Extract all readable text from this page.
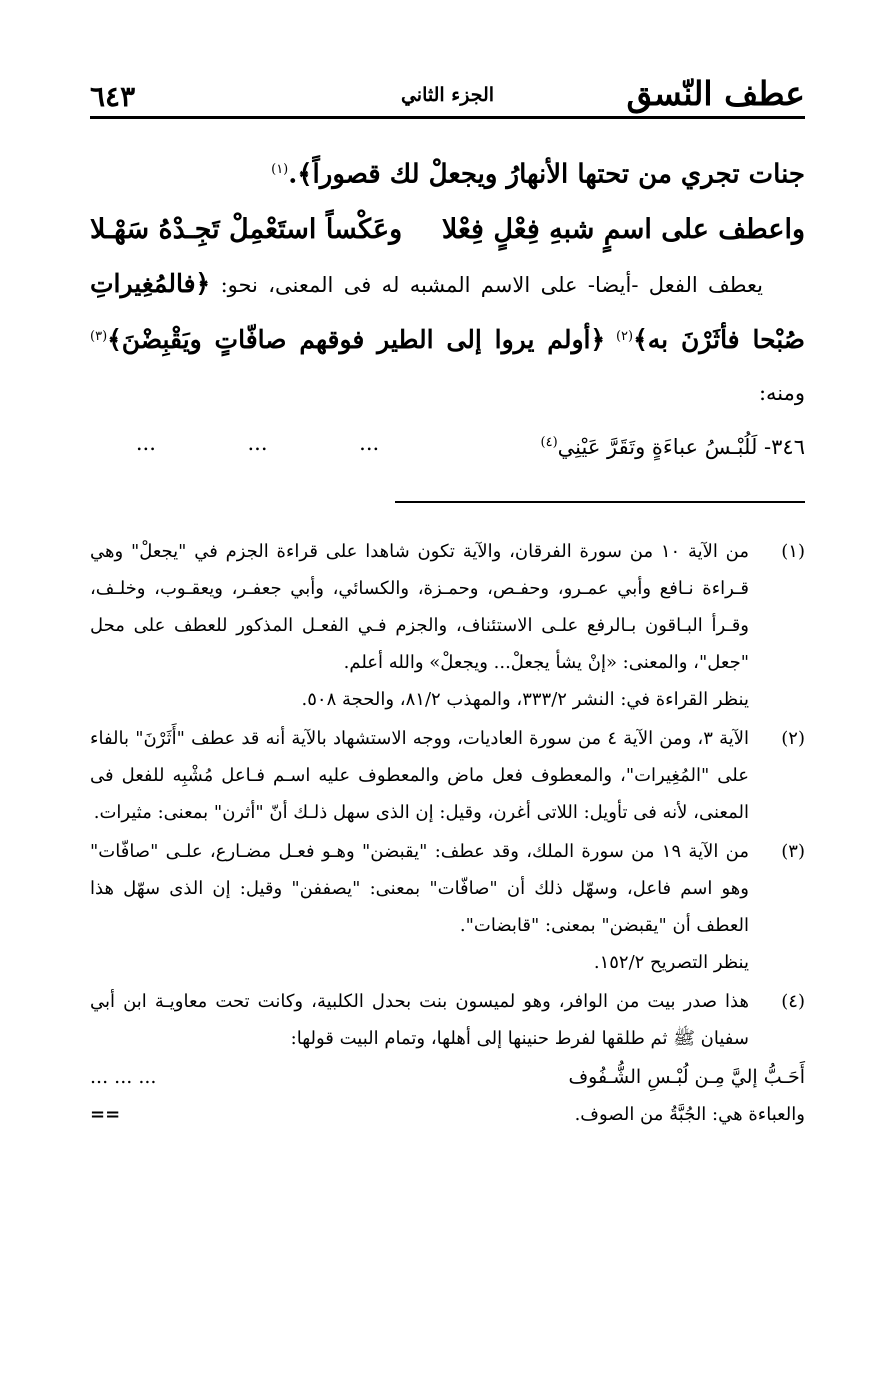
عطف النّسق
الجزء الثاني
٦٤٣
جنات تجري من تحتها الأنهارُ ويجعلْ لك قصوراً﴾.$^{(١)}$
واعطف على اسمٍ شبهِ فِعْلٍ فِعْلا
وعَكْساً استَعْمِلْ تَجِـدْهُ سَهْـلا
  يعطف الفعل -أيضا- على الاسم المشبه له فى المعنى، نحو: ﴿فالمُغِيراتِ صُبْحا فأثَرْنَ به﴾$^{(٢)}$ ﴿أولم يروا إلى الطير فوقهم صافّاتٍ ويَقْبِضْنَ﴾$^{(٣)}$ ومنه:
٣٤٦- لَلُبْـسُ عباءَةٍ وتَقَرَّ عَيْنِي$^{(٤)}$
...
...
...
(١)

من الآية ١٠ من سورة الفرقان، والآية تكون شاهدا على قراءة الجزم في "يجعلْ" وهي قـراءة نـافع وأبي عمـرو، وحفـص، وحمـزة، والكسائي، وأبي جعفـر، ويعقـوب، وخلـف، وقـرأ البـاقون بـالرفع علـى الاستئناف، والجزم فـي الفعـل المذكور للعطف على محل "جعل"، والمعنى: «إنْ يشأ يجعلْ... ويجعلْ» والله أعلم.

ينظر القراءة في: النشر ٣٣٣/٢، والمهذب ٨١/٢، والحجة ٥٠٨.

(٢)

الآية ٣، ومن الآية ٤ من سورة العاديات، ووجه الاستشهاد بالآية أنه قد عطف "أَثَرْنَ" بالفاء على "المُغِيرات"، والمعطوف فعل ماض والمعطوف عليه اسـم فـاعل مُشْبِه للفعل فى المعنى، لأنه فى تأويل: اللاتى أغرن، وقيل: إن الذى سهل ذلـك أنّ "أثرن" بمعنى: مثيرات.

(٣)

من الآية ١٩ من سورة الملك، وقد عطف: "يقبضن" وهـو فعـل مضـارع، علـى "صافّات" وهو اسم فاعل، وسهّل ذلك أن "صافّات" بمعنى: "يصففن" وقيل: إن الذى سهّل هذا العطف أن "يقبضن" بمعنى: "قابضات".

ينظر التصريح ١٥٢/٢.

(٤)

هذا صدر بيت من الوافر، وهو لميسون بنت بحدل الكلبية، وكانت تحت معاويـة ابن أبي سفيان ﷺ ثم طلقها لفرط حنينها إلى أهلها، وتمام البيت قولها:

أَحَـبُّ إليَّ مِـن لُبْـسِ الشُّـفُوف
... ... ...
والعباءة هي: الجُبَّةُ من الصوف.
==
